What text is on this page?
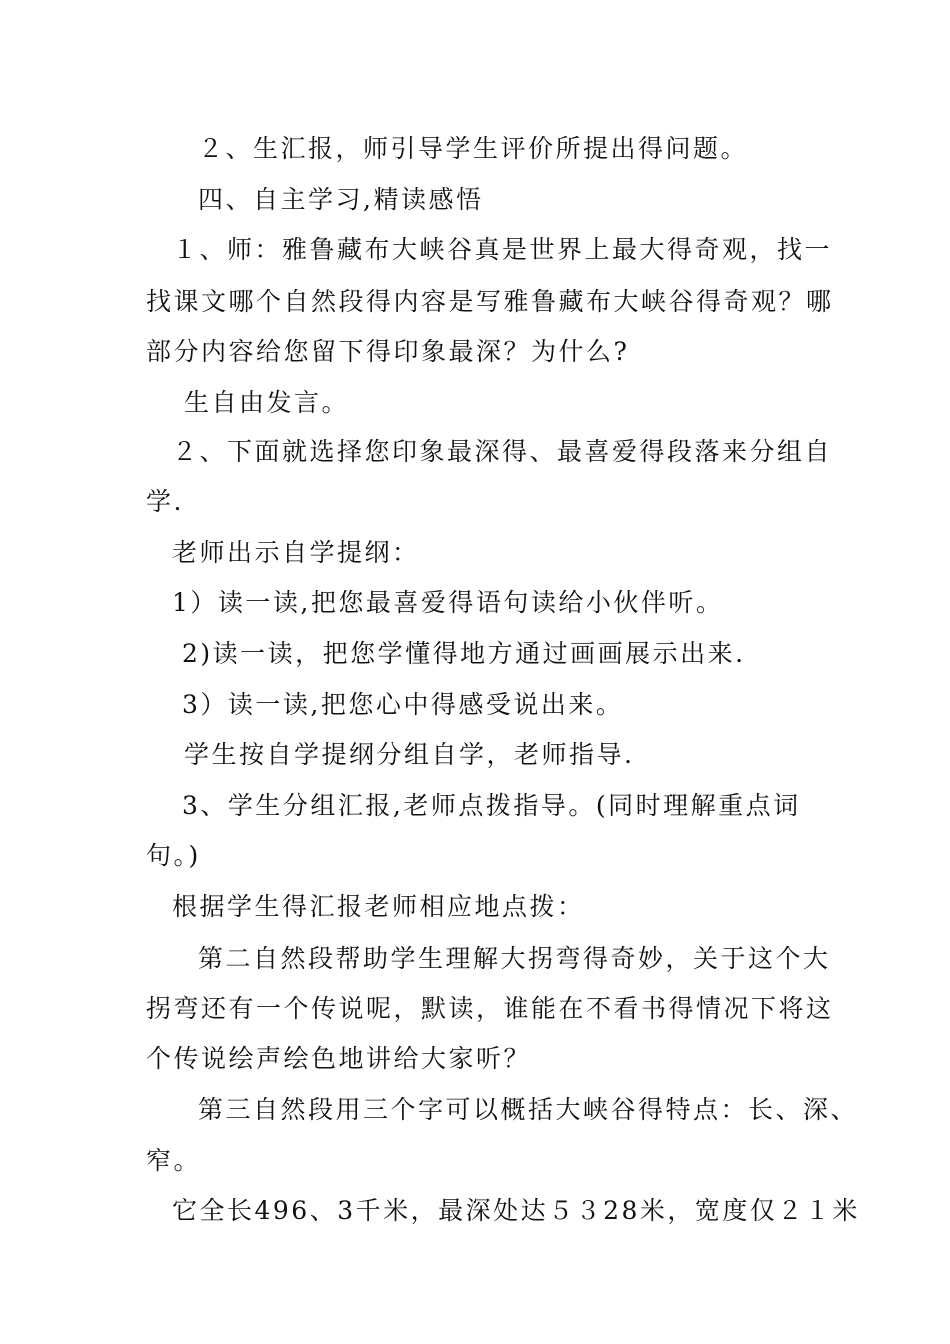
２、生汇报，师引导学生评价所提出得问题。
四、自主学习,精读感悟
１、师：雅鲁藏布大峡谷真是世界上最大得奇观，找一
找课文哪个自然段得内容是写雅鲁藏布大峡谷得奇观？哪
部分内容给您留下得印象最深？为什么?
生自由发言。
２、下面就选择您印象最深得、最喜爱得段落来分组自
学.
老师出示自学提纲：
1）读一读,把您最喜爱得语句读给小伙伴听。
2)读一读，把您学懂得地方通过画画展示出来.
3）读一读,把您心中得感受说出来。
学生按自学提纲分组自学，老师指导.
3、学生分组汇报,老师点拨指导。(同时理解重点词
句。)
根据学生得汇报老师相应地点拨：
第二自然段帮助学生理解大拐弯得奇妙，关于这个大
拐弯还有一个传说呢，默读，谁能在不看书得情况下将这
个传说绘声绘色地讲给大家听？
第三自然段用三个字可以概括大峡谷得特点：长、深、
窄。
它全长496、3千米，最深处达５３28米，宽度仅２１米
